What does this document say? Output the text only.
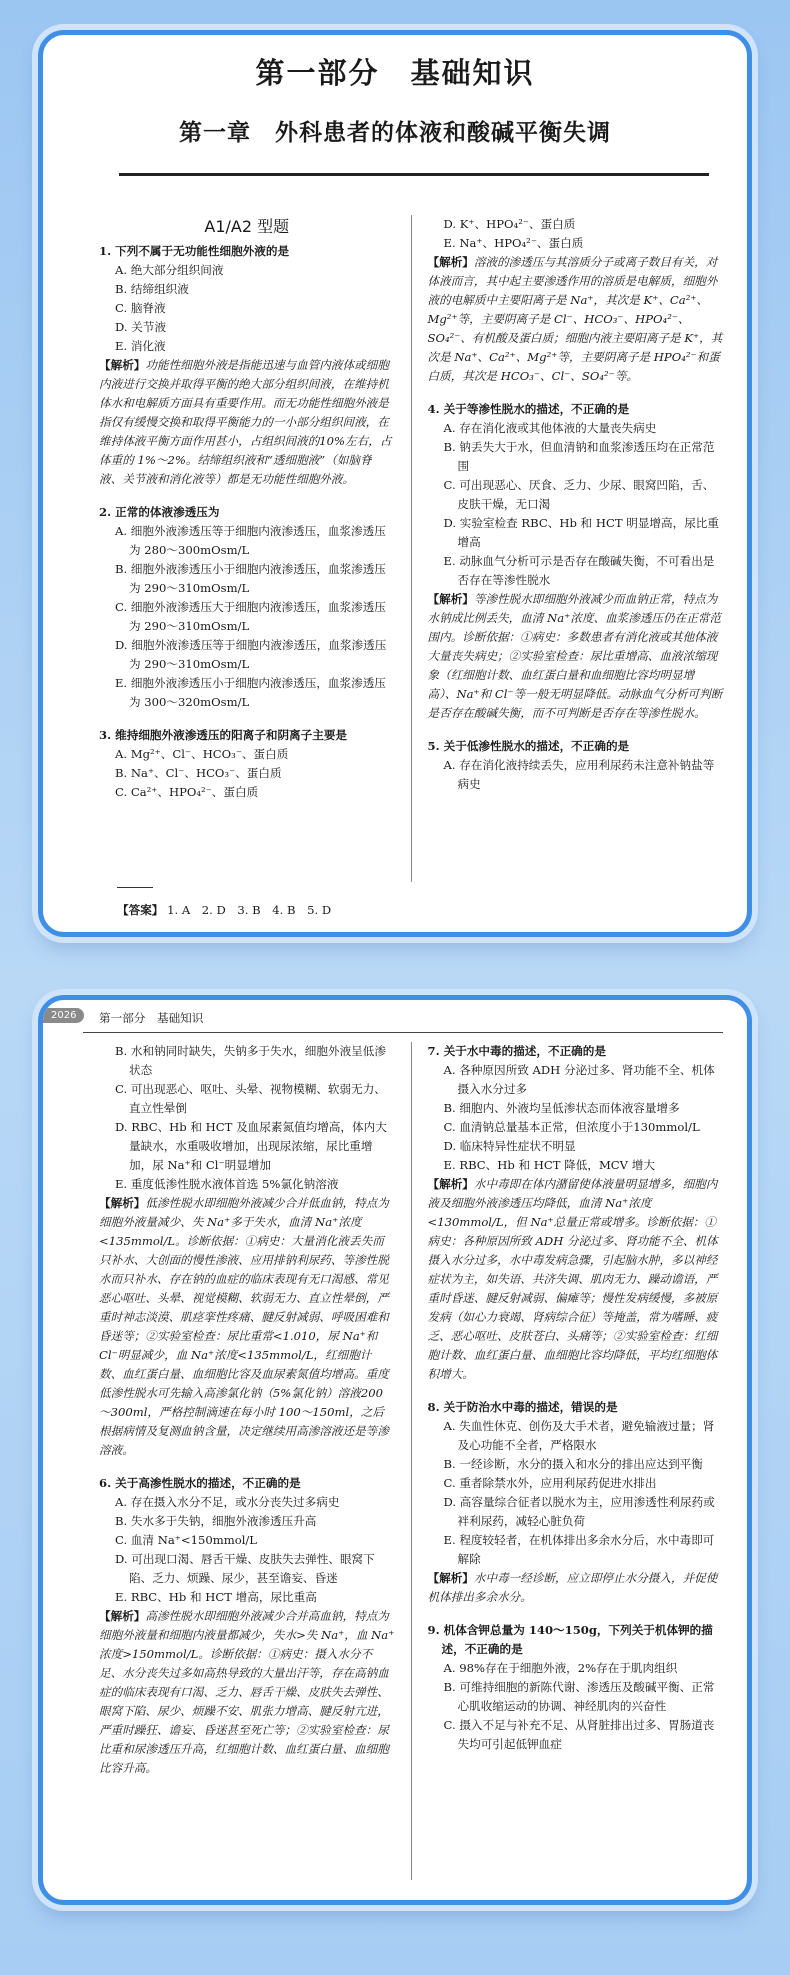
第一部分　基础知识
第一章　外科患者的体液和酸碱平衡失调
A1/A2 型题
1. 下列不属于无功能性细胞外液的是
A. 绝大部分组织间液
B. 结缔组织液
C. 脑脊液
D. 关节液
E. 消化液
【解析】功能性细胞外液是指能迅速与血管内液体或细胞内液进行交换并取得平衡的绝大部分组织间液，在维持机体水和电解质方面具有重要作用。而无功能性细胞外液是指仅有缓慢交换和取得平衡能力的一小部分组织间液，在维持体液平衡方面作用甚小，占组织间液的10%左右，占体重的 1%～2%。结缔组织液和“透细胞液”（如脑脊液、关节液和消化液等）都是无功能性细胞外液。
2. 正常的体液渗透压为
A. 细胞外液渗透压等于细胞内液渗透压，血浆渗透压为 280～300mOsm/L
B. 细胞外液渗透压小于细胞内液渗透压，血浆渗透压为 290～310mOsm/L
C. 细胞外液渗透压大于细胞内液渗透压，血浆渗透压为 290～310mOsm/L
D. 细胞外液渗透压等于细胞内液渗透压，血浆渗透压为 290～310mOsm/L
E. 细胞外液渗透压小于细胞内液渗透压，血浆渗透压为 300～320mOsm/L
3. 维持细胞外液渗透压的阳离子和阴离子主要是
A. Mg²⁺、Cl⁻、HCO₃⁻、蛋白质
B. Na⁺、Cl⁻、HCO₃⁻、蛋白质
C. Ca²⁺、HPO₄²⁻、蛋白质
D. K⁺、HPO₄²⁻、蛋白质
E. Na⁺、HPO₄²⁻、蛋白质
【解析】溶液的渗透压与其溶质分子或离子数目有关，对体液而言，其中起主要渗透作用的溶质是电解质，细胞外液的电解质中主要阳离子是 Na⁺，其次是 K⁺、Ca²⁺、Mg²⁺等，主要阴离子是 Cl⁻、HCO₃⁻、HPO₄²⁻、SO₄²⁻、有机酸及蛋白质；细胞内液主要阳离子是 K⁺，其次是 Na⁺、Ca²⁺、Mg²⁺等，主要阴离子是 HPO₄²⁻和蛋白质，其次是 HCO₃⁻、Cl⁻、SO₄²⁻等。
4. 关于等渗性脱水的描述，不正确的是
A. 存在消化液或其他体液的大量丧失病史
B. 钠丢失大于水，但血清钠和血浆渗透压均在正常范围
C. 可出现恶心、厌食、乏力、少尿、眼窝凹陷，舌、皮肤干燥，无口渴
D. 实验室检查 RBC、Hb 和 HCT 明显增高，尿比重增高
E. 动脉血气分析可示是否存在酸碱失衡，不可看出是否存在等渗性脱水
【解析】等渗性脱水即细胞外液减少而血钠正常，特点为水钠成比例丢失，血清 Na⁺浓度、血浆渗透压仍在正常范围内。诊断依据：①病史：多数患者有消化液或其他体液大量丧失病史；②实验室检查：尿比重增高、血液浓缩现象（红细胞计数、血红蛋白量和血细胞比容均明显增高）、Na⁺和 Cl⁻等一般无明显降低。动脉血气分析可判断是否存在酸碱失衡，而不可判断是否存在等渗性脱水。
5. 关于低渗性脱水的描述，不正确的是
A. 存在消化液持续丢失，应用利尿药未注意补钠盐等病史
【答案】 1. A　2. D　3. B　4. B　5. D
2026	第一部分　基础知识
B. 水和钠同时缺失，失钠多于失水，细胞外液呈低渗状态
C. 可出现恶心、呕吐、头晕、视物模糊、软弱无力、直立性晕倒
D. RBC、Hb 和 HCT 及血尿素氮值均增高，体内大量缺水，水重吸收增加，出现尿浓缩，尿比重增加，尿 Na⁺和 Cl⁻明显增加
E. 重度低渗性脱水液体首选 5%氯化钠溶液
【解析】低渗性脱水即细胞外液减少合并低血钠，特点为细胞外液量减少、失 Na⁺多于失水，血清 Na⁺浓度<135mmol/L。诊断依据：①病史：大量消化液丢失而只补水、大创面的慢性渗液、应用排钠利尿药、等渗性脱水而只补水、存在钠的血症的临床表现有无口渴感、常见恶心呕吐、头晕、视觉模糊、软弱无力、直立性晕倒，严重时神志淡漠、肌痉挛性疼痛、腱反射减弱、呼吸困难和昏迷等；②实验室检查：尿比重常<1.010，尿 Na⁺和 Cl⁻明显减少，血 Na⁺浓度<135mmol/L，红细胞计数、血红蛋白量、血细胞比容及血尿素氮值均增高。重度低渗性脱水可先输入高渗氯化钠（5%氯化钠）溶液200～300ml，严格控制滴速在每小时 100～150ml，之后根据病情及复测血钠含量，决定继续用高渗溶液还是等渗溶液。
6. 关于高渗性脱水的描述，不正确的是
A. 存在摄入水分不足，或水分丧失过多病史
B. 失水多于失钠，细胞外液渗透压升高
C. 血清 Na⁺<150mmol/L
D. 可出现口渴、唇舌干燥、皮肤失去弹性、眼窝下陷、乏力、烦躁、尿少，甚至谵妄、昏迷
E. RBC、Hb 和 HCT 增高，尿比重高
【解析】高渗性脱水即细胞外液减少合并高血钠，特点为细胞外液量和细胞内液量都减少，失水>失 Na⁺，血 Na⁺浓度>150mmol/L。诊断依据：①病史：摄入水分不足、水分丧失过多如高热导致的大量出汗等，存在高钠血症的临床表现有口渴、乏力、唇舌干燥、皮肤失去弹性、眼窝下陷、尿少、烦躁不安、肌张力增高、腱反射亢进，严重时躁狂、谵妄、昏迷甚至死亡等；②实验室检查：尿比重和尿渗透压升高，红细胞计数、血红蛋白量、血细胞比容升高。
7. 关于水中毒的描述，不正确的是
A. 各种原因所致 ADH 分泌过多、肾功能不全、机体摄入水分过多
B. 细胞内、外液均呈低渗状态而体液容量增多
C. 血清钠总量基本正常，但浓度小于130mmol/L
D. 临床特异性症状不明显
E. RBC、Hb 和 HCT 降低，MCV 增大
【解析】水中毒即在体内潴留使体液量明显增多，细胞内液及细胞外液渗透压均降低，血清 Na⁺浓度<130mmol/L，但 Na⁺总量正常或增多。诊断依据：①病史：各种原因所致 ADH 分泌过多、肾功能不全、机体摄入水分过多，水中毒发病急骤，引起脑水肿，多以神经症状为主，如失语、共济失调、肌肉无力、躁动谵语，严重时昏迷、腱反射减弱、偏瘫等；慢性发病缓慢，多被原发病（如心力衰竭、肾病综合征）等掩盖，常为嗜睡、疲乏、恶心呕吐、皮肤苍白、头痛等；②实验室检查：红细胞计数、血红蛋白量、血细胞比容均降低，平均红细胞体积增大。
8. 关于防治水中毒的描述，错误的是
A. 失血性休克、创伤及大手术者，避免输液过量；肾及心功能不全者，严格限水
B. 一经诊断，水分的摄入和水分的排出应达到平衡
C. 重者除禁水外，应用利尿药促进水排出
D. 高容量综合征者以脱水为主，应用渗透性利尿药或袢利尿药，减轻心脏负荷
E. 程度较轻者，在机体排出多余水分后，水中毒即可解除
【解析】水中毒一经诊断，应立即停止水分摄入，并促使机体排出多余水分。
9. 机体含钾总量为 140～150g，下列关于机体钾的描述，不正确的是
A. 98%存在于细胞外液，2%存在于肌肉组织
B. 可维持细胞的新陈代谢、渗透压及酸碱平衡、正常心肌收缩运动的协调、神经肌肉的兴奋性
C. 摄入不足与补充不足、从肾脏排出过多、胃肠道丧失均可引起低钾血症
